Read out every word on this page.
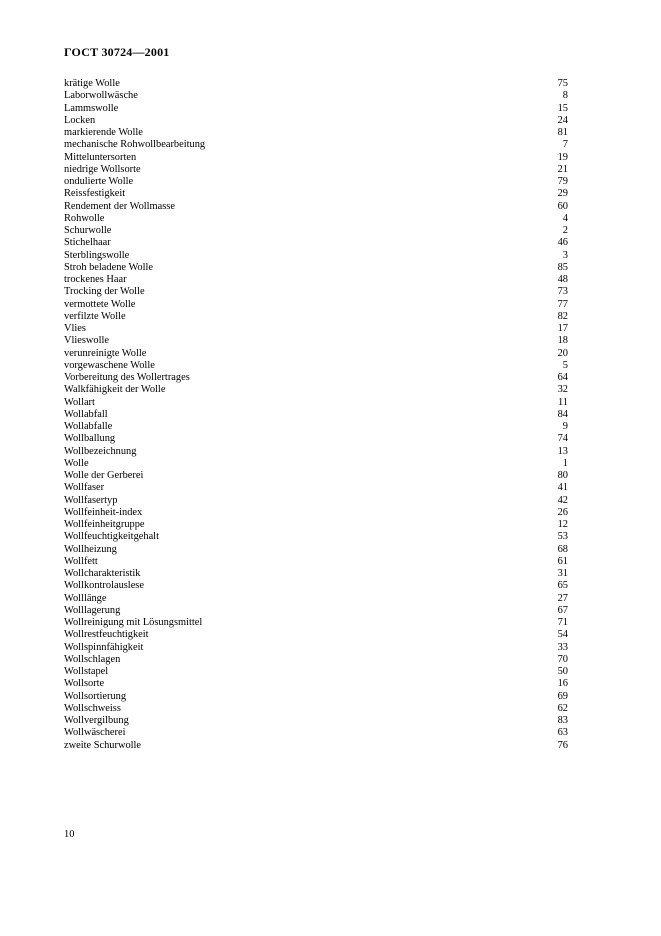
ГОСТ 30724—2001
krätige Wolle	75
Laborwollwäsche	8
Lammswolle	15
Locken	24
markierende Wolle	81
mechanische Rohwollbearbeitung	7
Mitteluntersorten	19
niedrige Wollsorte	21
ondulierte Wolle	79
Reissfestigkeit	29
Rendement der Wollmasse	60
Rohwolle	4
Schurwolle	2
Stichelhaar	46
Sterblingswolle	3
Stroh beladene Wolle	85
trockenes Haar	48
Trocking der Wolle	73
vermottete Wolle	77
verfilzte Wolle	82
Vlies	17
Vlieswolle	18
verunreinigte Wolle	20
vorgewaschene Wolle	5
Vorbereitung des Wollertrages	64
Walkfähigkeit der Wolle	32
Wollart	11
Wollabfall	84
Wollabfalle	9
Wollballung	74
Wollbezeichnung	13
Wolle	1
Wolle der Gerberei	80
Wollfaser	41
Wollfasertyp	42
Wollfeinheit-index	26
Wollfeinheitgruppe	12
Wollfeuchtigkeitgehalt	53
Wollheizung	68
Wollfett	61
Wollcharakteristik	31
Wollkontrolauslese	65
Wolllänge	27
Wolllagerung	67
Wollreinigung mit Lösungsmittel	71
Wollrestfeuchtigkeit	54
Wollspinnfähigkeit	33
Wollschlagen	70
Wollstapel	50
Wollsorte	16
Wollsortierung	69
Wollschweiss	62
Wollvergilbung	83
Wollwäscherei	63
zweite Schurwolle	76
10
